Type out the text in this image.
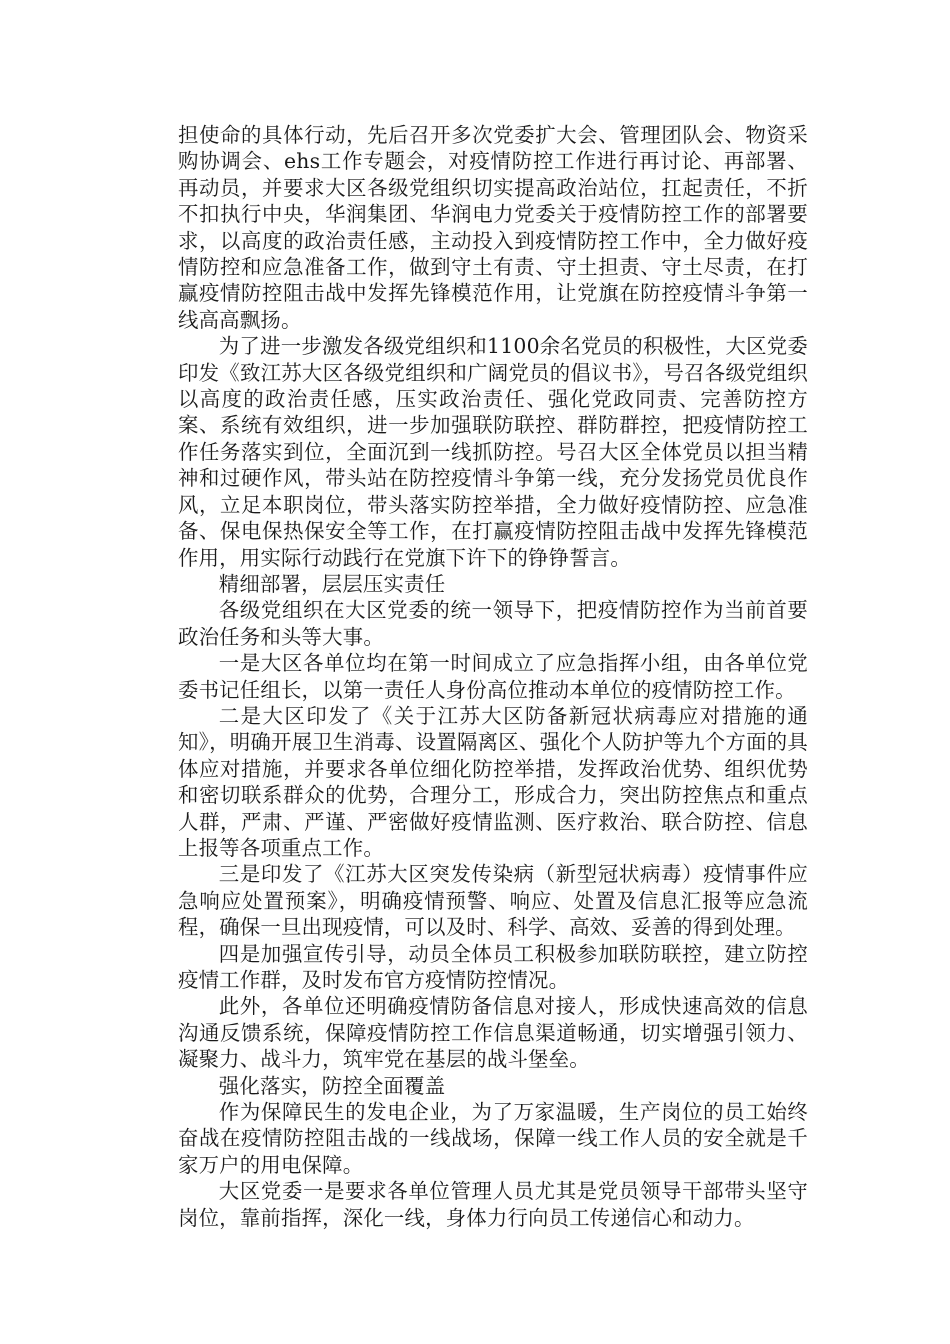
担使命的具体行动，先后召开多次党委扩大会、管理团队会、物资采购协调会、ehs工作专题会，对疫情防控工作进行再讨论、再部署、再动员，并要求大区各级党组织切实提高政治站位，扛起责任，不折不扣执行中央，华润集团、华润电力党委关于疫情防控工作的部署要求，以高度的政治责任感，主动投入到疫情防控工作中，全力做好疫情防控和应急准备工作，做到守土有责、守土担责、守土尽责，在打赢疫情防控阻击战中发挥先锋模范作用，让党旗在防控疫情斗争第一线高高飘扬。

为了进一步激发各级党组织和1100余名党员的积极性，大区党委印发《致江苏大区各级党组织和广阔党员的倡议书》，号召各级党组织以高度的政治责任感，压实政治责任、强化党政同责、完善防控方案、系统有效组织，进一步加强联防联控、群防群控，把疫情防控工作任务落实到位，全面沉到一线抓防控。号召大区全体党员以担当精神和过硬作风，带头站在防控疫情斗争第一线，充分发扬党员优良作风，立足本职岗位，带头落实防控举措，全力做好疫情防控、应急准备、保电保热保安全等工作，在打赢疫情防控阻击战中发挥先锋模范作用，用实际行动践行在党旗下许下的铮铮誓言。

精细部署，层层压实责任

各级党组织在大区党委的统一领导下，把疫情防控作为当前首要政治任务和头等大事。

一是大区各单位均在第一时间成立了应急指挥小组，由各单位党委书记任组长，以第一责任人身份高位推动本单位的疫情防控工作。

二是大区印发了《关于江苏大区防备新冠状病毒应对措施的通知》，明确开展卫生消毒、设置隔离区、强化个人防护等九个方面的具体应对措施，并要求各单位细化防控举措，发挥政治优势、组织优势和密切联系群众的优势，合理分工，形成合力，突出防控焦点和重点人群，严肃、严谨、严密做好疫情监测、医疗救治、联合防控、信息上报等各项重点工作。

三是印发了《江苏大区突发传染病（新型冠状病毒）疫情事件应急响应处置预案》，明确疫情预警、响应、处置及信息汇报等应急流程，确保一旦出现疫情，可以及时、科学、高效、妥善的得到处理。

四是加强宣传引导，动员全体员工积极参加联防联控，建立防控疫情工作群，及时发布官方疫情防控情况。

此外，各单位还明确疫情防备信息对接人，形成快速高效的信息沟通反馈系统，保障疫情防控工作信息渠道畅通，切实增强引领力、凝聚力、战斗力，筑牢党在基层的战斗堡垒。

强化落实，防控全面覆盖

作为保障民生的发电企业，为了万家温暖，生产岗位的员工始终奋战在疫情防控阻击战的一线战场，保障一线工作人员的安全就是千家万户的用电保障。

大区党委一是要求各单位管理人员尤其是党员领导干部带头坚守岗位，靠前指挥，深化一线，身体力行向员工传递信心和动力。
